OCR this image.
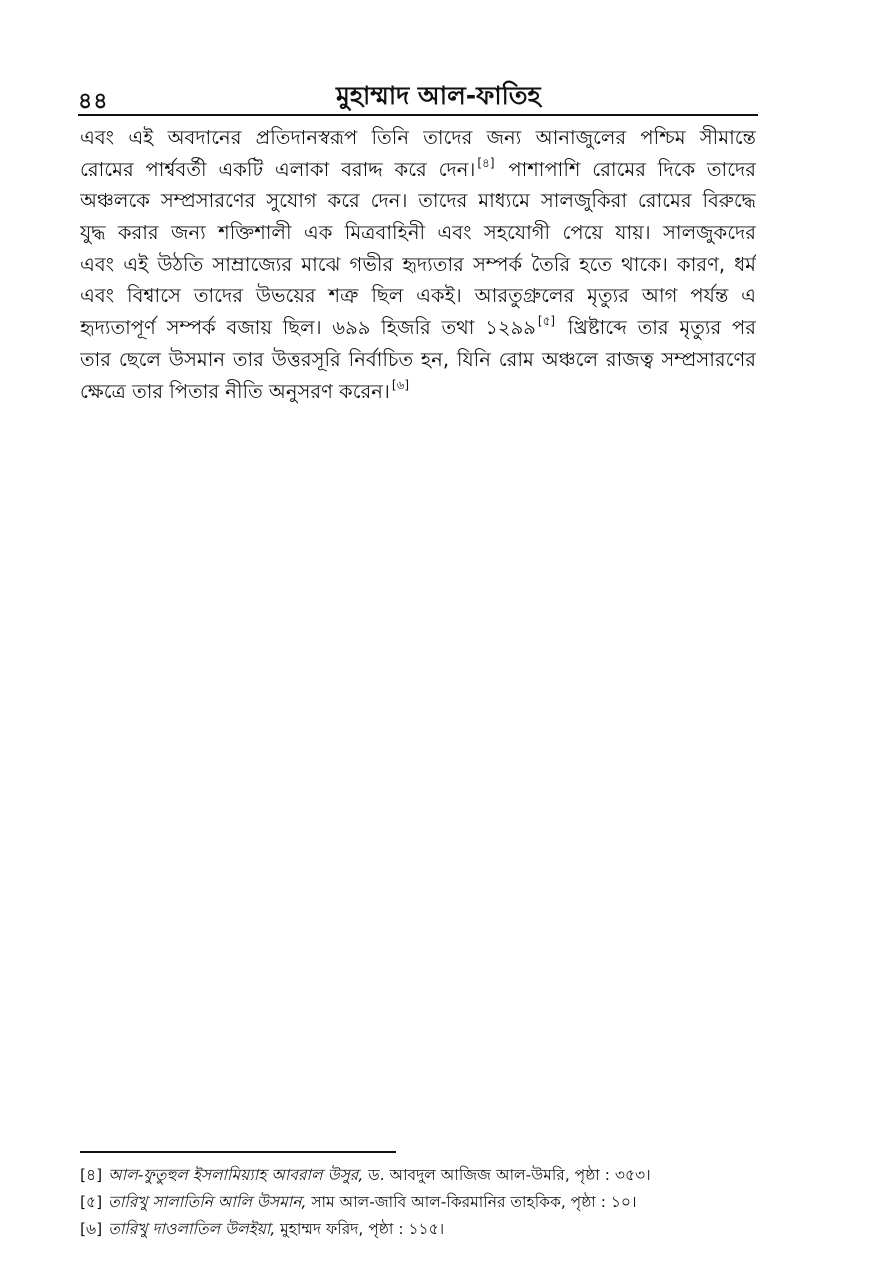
৪৪	মুহাম্মাদ আল-ফাতিহ
এবং এই অবদানের প্রতিদানস্বরূপ তিনি তাদের জন্য আনাজুলের পশ্চিম সীমান্তে
রোমের পার্শ্ববর্তী একটি এলাকা বরাদ্দ করে দেন। [৪] পাশাপাশি রোমের দিকে তাদের
অঞ্চলকে সম্প্রসারণের সুযোগ করে দেন। তাদের মাধ্যমে সালজুকিরা রোমের বিরুদ্ধে
যুদ্ধ করার জন্য শক্তিশালী এক মিত্রবাহিনী এবং সহযোগী পেয়ে যায়। সালজুকদের
এবং এই উঠতি সাম্রাজ্যের মাঝে গভীর হৃদ্যতার সম্পর্ক তৈরি হতে থাকে। কারণ, ধর্ম
এবং বিশ্বাসে তাদের উভয়ের শত্রু ছিল একই। আরতুগ্রুলের মৃত্যুর আগ পর্যন্ত এ
হৃদ্যতাপূর্ণ সম্পর্ক বজায় ছিল। ৬৯৯ হিজরি তথা ১২৯৯ [৫] খ্রিষ্টাব্দে তার মৃত্যুর পর
তার ছেলে উসমান তার উত্তরসূরি নির্বাচিত হন, যিনি রোম অঞ্চলে রাজত্ব সম্প্রসারণের
ক্ষেত্রে তার পিতার নীতি অনুসরণ করেন। [৬]
[৪] আল-ফুতুহুল ইসলামিয়্যাহ আবরাল উসুর, ড. আবদুল আজিজ আল-উমরি, পৃষ্ঠা : ৩৫৩।
[৫] তারিখু সালাতিনি আলি উসমান, সাম আল-জাবি আল-কিরমানির তাহকিক, পৃষ্ঠা : ১০।
[৬] তারিখু দাওলাতিল উলইয়া, মুহাম্মদ ফরিদ, পৃষ্ঠা : ১১৫।
